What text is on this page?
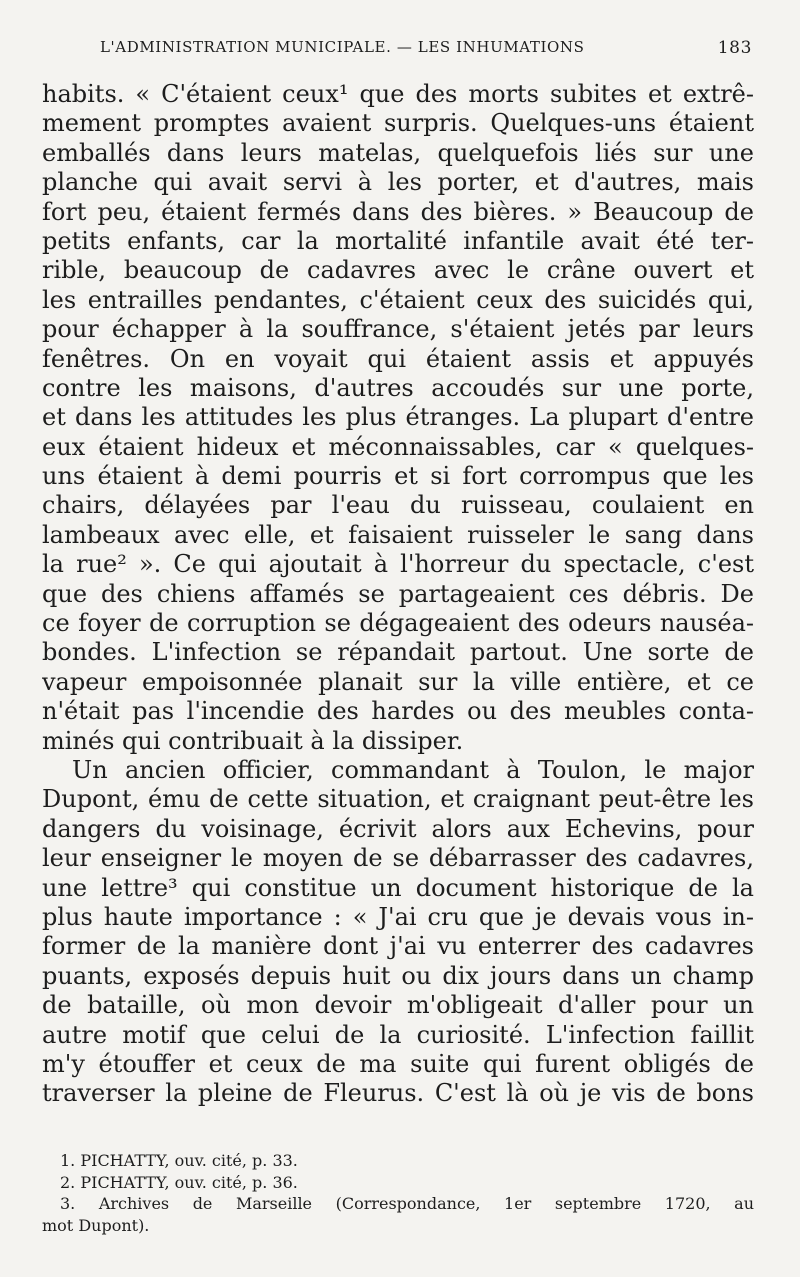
L'ADMINISTRATION MUNICIPALE. — LES INHUMATIONS	183
habits. « C'étaient ceux¹ que des morts subites et extrê-
mement promptes avaient surpris. Quelques-uns étaient
emballés dans leurs matelas, quelquefois liés sur une
planche qui avait servi à les porter, et d'autres, mais
fort peu, étaient fermés dans des bières. » Beaucoup de
petits enfants, car la mortalité infantile avait été ter-
rible, beaucoup de cadavres avec le crâne ouvert et
les entrailles pendantes, c'étaient ceux des suicidés qui,
pour échapper à la souffrance, s'étaient jetés par leurs
fenêtres. On en voyait qui étaient assis et appuyés
contre les maisons, d'autres accoudés sur une porte,
et dans les attitudes les plus étranges. La plupart d'entre
eux étaient hideux et méconnaissables, car « quelques-
uns étaient à demi pourris et si fort corrompus que les
chairs, délayées par l'eau du ruisseau, coulaient en
lambeaux avec elle, et faisaient ruisseler le sang dans
la rue² ». Ce qui ajoutait à l'horreur du spectacle, c'est
que des chiens affamés se partageaient ces débris. De
ce foyer de corruption se dégageaient des odeurs nauséa-
bondes. L'infection se répandait partout. Une sorte de
vapeur empoisonnée planait sur la ville entière, et ce
n'était pas l'incendie des hardes ou des meubles conta-
minés qui contribuait à la dissiper.
Un ancien officier, commandant à Toulon, le major
Dupont, ému de cette situation, et craignant peut-être les
dangers du voisinage, écrivit alors aux Echevins, pour
leur enseigner le moyen de se débarrasser des cadavres,
une lettre³ qui constitue un document historique de la
plus haute importance : « J'ai cru que je devais vous in-
former de la manière dont j'ai vu enterrer des cadavres
puants, exposés depuis huit ou dix jours dans un champ
de bataille, où mon devoir m'obligeait d'aller pour un
autre motif que celui de la curiosité. L'infection faillit
m'y étouffer et ceux de ma suite qui furent obligés de
traverser la pleine de Fleurus. C'est là où je vis de bons
1. PICHATTY, ouv. cité, p. 33.
2. PICHATTY, ouv. cité, p. 36.
3. Archives de Marseille (Correspondance, 1er septembre 1720, au
mot Dupont).
